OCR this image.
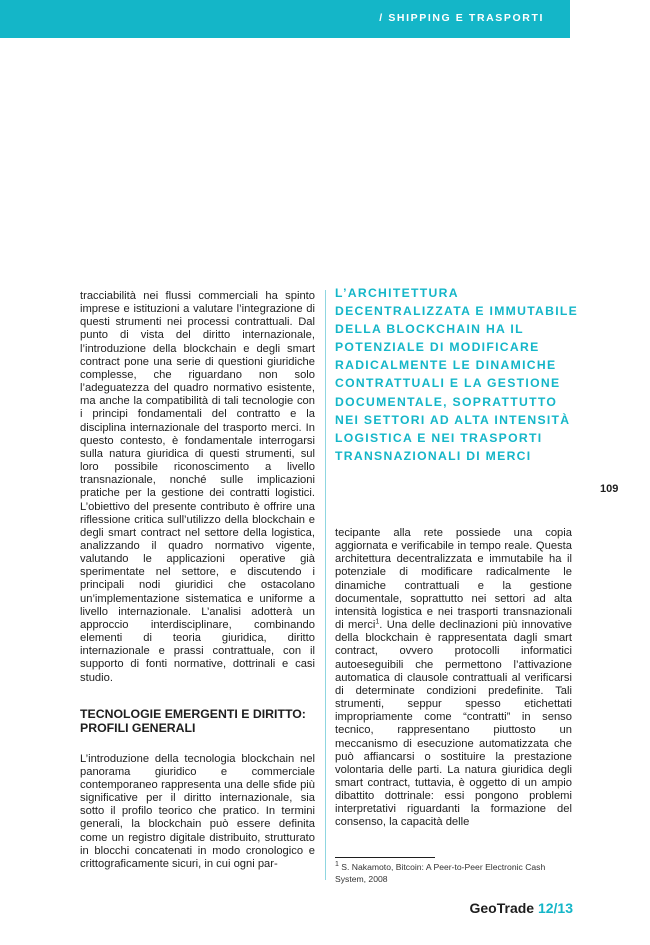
/ SHIPPING E TRASPORTI

tracciabilità nei flussi commerciali ha spinto imprese e istituzioni a valutare l’integrazione di questi strumenti nei processi contrattuali. Dal punto di vista del diritto internazionale, l’introduzione della blockchain e degli smart contract pone una serie di questioni giuridiche complesse, che riguardano non solo l’adeguatezza del quadro normativo esistente, ma anche la compatibilità di tali tecnologie con i principi fondamentali del contratto e la disciplina internazionale del trasporto merci. In questo contesto, è fondamentale interrogarsi sulla natura giuridica di questi strumenti, sul loro possibile riconoscimento a livello transnazionale, nonché sulle implicazioni pratiche per la gestione dei contratti logistici. L’obiettivo del presente contributo è offrire una riflessione critica sull’utilizzo della blockchain e degli smart contract nel settore della logistica, analizzando il quadro normativo vigente, valutando le applicazioni operative già sperimentate nel settore, e discutendo i principali nodi giuridici che ostacolano un’implementazione sistematica e uniforme a livello internazionale. L’analisi adotterà un approccio interdisciplinare, combinando elementi di teoria giuridica, diritto internazionale e prassi contrattuale, con il supporto di fonti normative, dottrinali e casi studio.

TECNOLOGIE EMERGENTI E DIRITTO: PROFILI GENERALI

L’introduzione della tecnologia blockchain nel panorama giuridico e commerciale contemporaneo rappresenta una delle sfide più significative per il diritto internazionale, sia sotto il profilo teorico che pratico. In termini generali, la blockchain può essere definita come un registro digitale distribuito, strutturato in blocchi concatenati in modo cronologico e crittograficamente sicuri, in cui ogni par-

L’ARCHITETTURA DECENTRALIZZATA E IMMUTABILE DELLA BLOCKCHAIN HA IL POTENZIALE DI MODIFICARE RADICALMENTE LE DINAMICHE CONTRATTUALI E LA GESTIONE DOCUMENTALE, SOPRATTUTTO NEI SETTORI AD ALTA INTENSITÀ LOGISTICA E NEI TRASPORTI TRANSNAZIONALI DI MERCI
109

tecipante alla rete possiede una copia aggiornata e verificabile in tempo reale. Questa architettura decentralizzata e immutabile ha il potenziale di modificare radicalmente le dinamiche contrattuali e la gestione documentale, soprattutto nei settori ad alta intensità logistica e nei trasporti transnazionali di merci$^1$. Una delle declinazioni più innovative della blockchain è rappresentata dagli smart contract, ovvero protocolli informatici autoeseguibili che permettono l’attivazione automatica di clausole contrattuali al verificarsi di determinate condizioni predefinite. Tali strumenti, seppur spesso etichettati impropriamente come “contratti” in senso tecnico, rappresentano piuttosto un meccanismo di esecuzione automatizzata che può affiancarsi o sostituire la prestazione volontaria delle parti. La natura giuridica degli smart contract, tuttavia, è oggetto di un ampio dibattito dottrinale: essi pongono problemi interpretativi riguardanti la formazione del consenso, la capacità delle

$^1$ S. Nakamoto, Bitcoin: A Peer-to-Peer Electronic Cash System, 2008
GeoTrade 12/13
